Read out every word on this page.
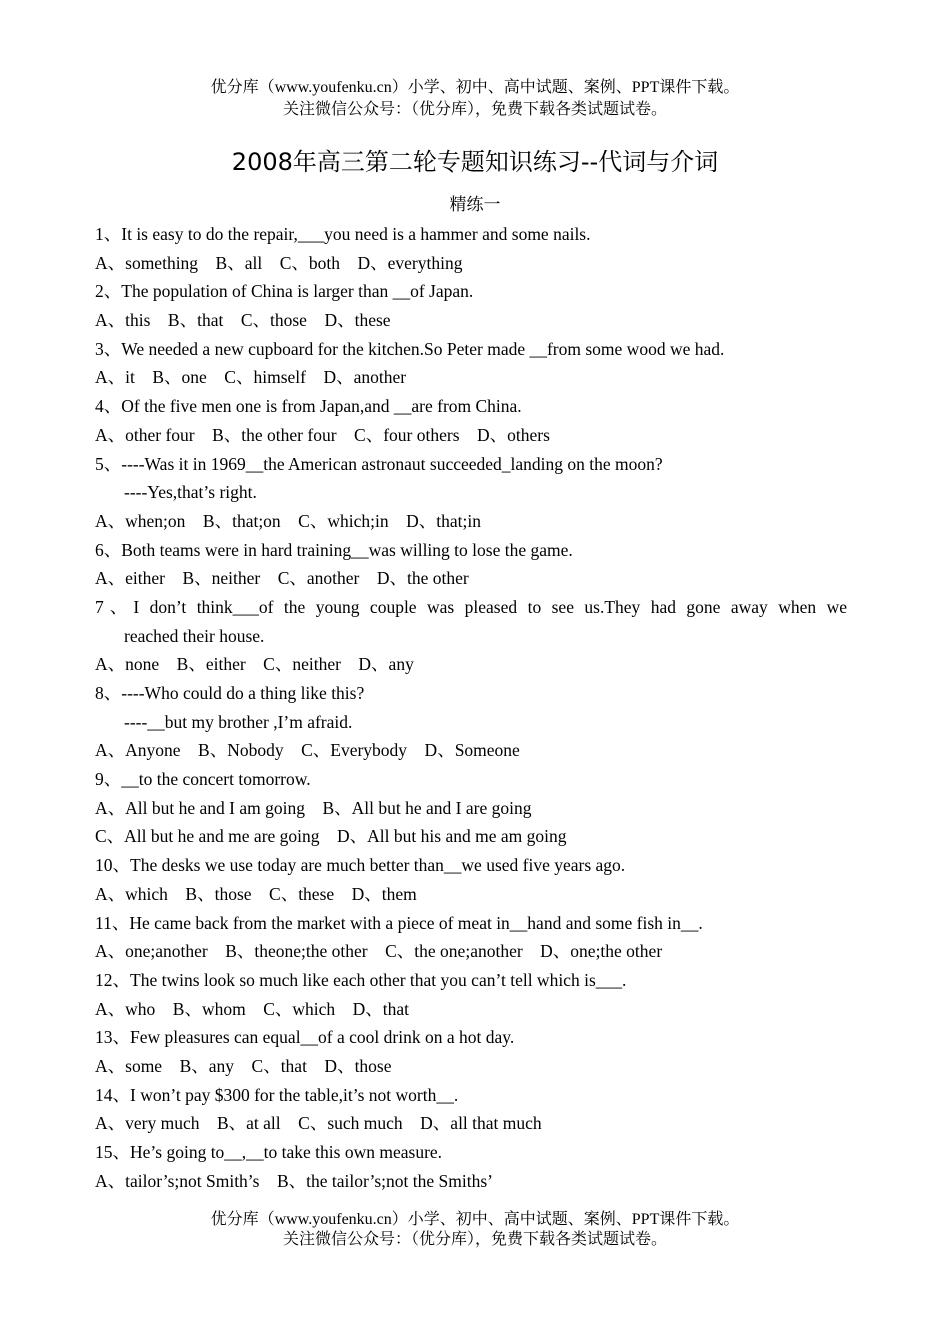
优分库（www.youfenku.cn）小学、初中、高中试题、案例、PPT课件下载。
关注微信公众号：（优分库），免费下载各类试题试卷。
2008年高三第二轮专题知识练习--代词与介词
精练一
1、It is easy to do the repair,___you need is a hammer and some nails.
A、something    B、all    C、both    D、everything
2、The population of China is larger than __of Japan.
A、this    B、that    C、those    D、these
3、We needed a new cupboard for the kitchen.So Peter made __from some wood we had.
A、it    B、one    C、himself    D、another
4、Of the five men one is from Japan,and __are from China.
A、other four    B、the other four    C、four others    D、others
5、----Was it in 1969__the American astronaut succeeded_landing on the moon?
----Yes,that’s right.
A、when;on    B、that;on    C、which;in    D、that;in
6、Both teams were in hard training__was willing to lose the game.
A、either    B、neither    C、another    D、the other
7、I don’t think___of the young couple was pleased to see us.They had gone away when we
reached their house.
A、none    B、either    C、neither    D、any
8、----Who could do a thing like this?
----__but my brother ,I’m afraid.
A、Anyone    B、Nobody    C、Everybody    D、Someone
9、__to the concert tomorrow.
A、All but he and I am going    B、All but he and I are going
C、All but he and me are going    D、All but his and me am going
10、The desks we use today are much better than__we used five years ago.
A、which    B、those    C、these    D、them
11、He came back from the market with a piece of meat in__hand and some fish in__.
A、one;another    B、theone;the other    C、the one;another    D、one;the other
12、The twins look so much like each other that you can’t tell which is___.
A、who    B、whom    C、which    D、that
13、Few pleasures can equal__of a cool drink on a hot day.
A、some    B、any    C、that    D、those
14、I won’t pay $300 for the table,it’s not worth__.
A、very much    B、at all    C、such much    D、all that much
15、He’s going to__,__to take this own measure.
A、tailor’s;not Smith’s    B、the tailor’s;not the Smiths’
优分库（www.youfenku.cn）小学、初中、高中试题、案例、PPT课件下载。
关注微信公众号：（优分库），免费下载各类试题试卷。
